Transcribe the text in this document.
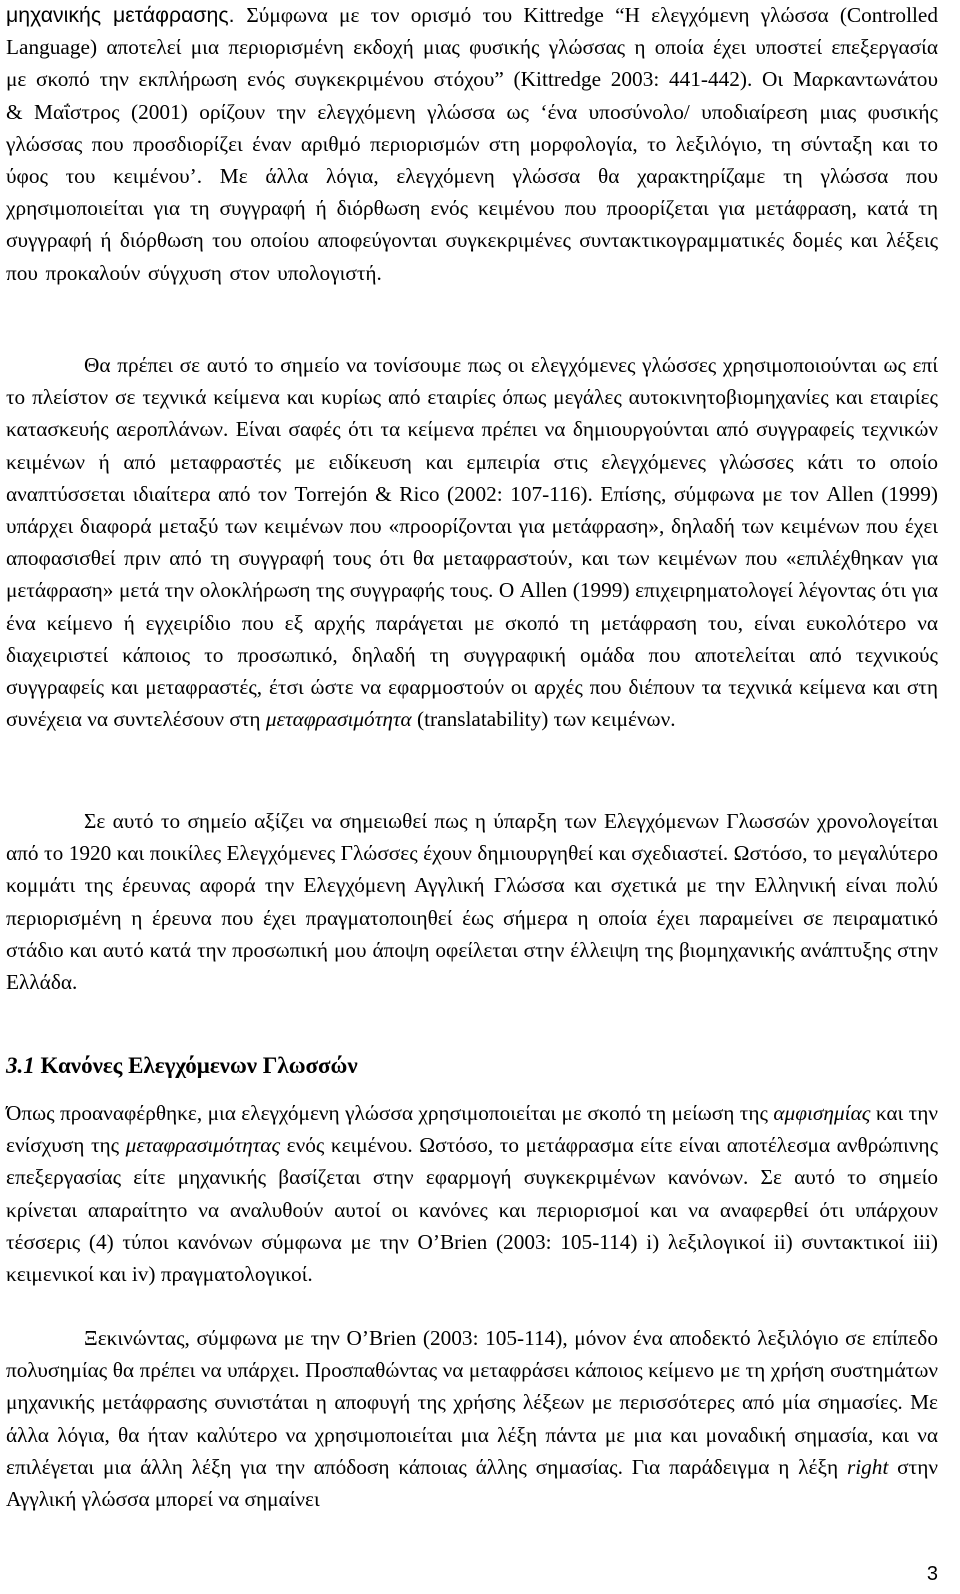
μηχανικής μετάφρασης. Σύμφωνα με τον ορισμό του Kittredge “Η ελεγχόμενη γλώσσα (Controlled Language) αποτελεί μια περιορισμένη εκδοχή μιας φυσικής γλώσσας η οποία έχει υποστεί επεξεργασία με σκοπό την εκπλήρωση ενός συγκεκριμένου στόχου” (Kittredge 2003: 441-442). Οι Μαρκαντωνάτου & Μαΐστρος (2001) ορίζουν την ελεγχόμενη γλώσσα ως ‘ένα υποσύνολο/ υποδιαίρεση μιας φυσικής γλώσσας που προσδιορίζει έναν αριθμό περιορισμών στη μορφολογία, το λεξιλόγιο, τη σύνταξη και το ύφος του κειμένου’. Με άλλα λόγια, ελεγχόμενη γλώσσα θα χαρακτηρίζαμε τη γλώσσα που χρησιμοποιείται για τη συγγραφή ή διόρθωση ενός κειμένου που προορίζεται για μετάφραση, κατά τη συγγραφή ή διόρθωση του οποίου αποφεύγονται συγκεκριμένες συντακτικογραμματικές δομές και λέξεις που προκαλούν σύγχυση στον υπολογιστή.

Θα πρέπει σε αυτό το σημείο να τονίσουμε πως οι ελεγχόμενες γλώσσες χρησιμοποιούνται ως επί το πλείστον σε τεχνικά κείμενα και κυρίως από εταιρίες όπως μεγάλες αυτοκινητοβιομηχανίες και εταιρίες κατασκευής αεροπλάνων. Είναι σαφές ότι τα κείμενα πρέπει να δημιουργούνται από συγγραφείς τεχνικών κειμένων ή από μεταφραστές με ειδίκευση και εμπειρία στις ελεγχόμενες γλώσσες κάτι το οποίο αναπτύσσεται ιδιαίτερα από τον Torrejón & Rico (2002: 107-116). Επίσης, σύμφωνα με τον Allen (1999) υπάρχει διαφορά μεταξύ των κειμένων που «προορίζονται για μετάφραση», δηλαδή των κειμένων που έχει αποφασισθεί πριν από τη συγγραφή τους ότι θα μεταφραστούν, και των κειμένων που «επιλέχθηκαν για μετάφραση» μετά την ολοκλήρωση της συγγραφής τους. Ο Allen (1999) επιχειρηματολογεί λέγοντας ότι για ένα κείμενο ή εγχειρίδιο που εξ αρχής παράγεται με σκοπό τη μετάφραση του, είναι ευκολότερο να διαχειριστεί κάποιος το προσωπικό, δηλαδή τη συγγραφική ομάδα που αποτελείται από τεχνικούς συγγραφείς και μεταφραστές, έτσι ώστε να εφαρμοστούν οι αρχές που διέπουν τα τεχνικά κείμενα και στη συνέχεια να συντελέσουν στη μεταφρασιμότητα (translatability) των κειμένων.

Σε αυτό το σημείο αξίζει να σημειωθεί πως η ύπαρξη των Ελεγχόμενων Γλωσσών χρονολογείται από το 1920 και ποικίλες Ελεγχόμενες Γλώσσες έχουν δημιουργηθεί και σχεδιαστεί. Ωστόσο, το μεγαλύτερο κομμάτι της έρευνας αφορά την Ελεγχόμενη Αγγλική Γλώσσα και σχετικά με την Ελληνική είναι πολύ περιορισμένη η έρευνα που έχει πραγματοποιηθεί έως σήμερα η οποία έχει παραμείνει σε πειραματικό στάδιο και αυτό κατά την προσωπική μου άποψη οφείλεται στην έλλειψη της βιομηχανικής ανάπτυξης στην Ελλάδα.

3.1 Κανόνες Ελεγχόμενων Γλωσσών

Όπως προαναφέρθηκε, μια ελεγχόμενη γλώσσα χρησιμοποιείται με σκοπό τη μείωση της αμφισημίας και την ενίσχυση της μεταφρασιμότητας ενός κειμένου. Ωστόσο, το μετάφρασμα είτε είναι αποτέλεσμα ανθρώπινης επεξεργασίας είτε μηχανικής βασίζεται στην εφαρμογή συγκεκριμένων κανόνων. Σε αυτό το σημείο κρίνεται απαραίτητο να αναλυθούν αυτοί οι κανόνες και περιορισμοί και να αναφερθεί ότι υπάρχουν τέσσερις (4) τύποι κανόνων σύμφωνα με την O’Brien (2003: 105-114) i) λεξιλογικοί ii) συντακτικοί iii) κειμενικοί και iv) πραγματολογικοί.

Ξεκινώντας, σύμφωνα με την O’Brien (2003: 105-114), μόνον ένα αποδεκτό λεξιλόγιο σε επίπεδο πολυσημίας θα πρέπει να υπάρχει. Προσπαθώντας να μεταφράσει κάποιος κείμενο με τη χρήση συστημάτων μηχανικής μετάφρασης συνιστάται η αποφυγή της χρήσης λέξεων με περισσότερες από μία σημασίες. Με άλλα λόγια, θα ήταν καλύτερο να χρησιμοποιείται μια λέξη πάντα με μια και μοναδική σημασία, και να επιλέγεται μια άλλη λέξη για την απόδοση κάποιας άλλης σημασίας. Για παράδειγμα η λέξη right στην Αγγλική γλώσσα μπορεί να σημαίνει

3
